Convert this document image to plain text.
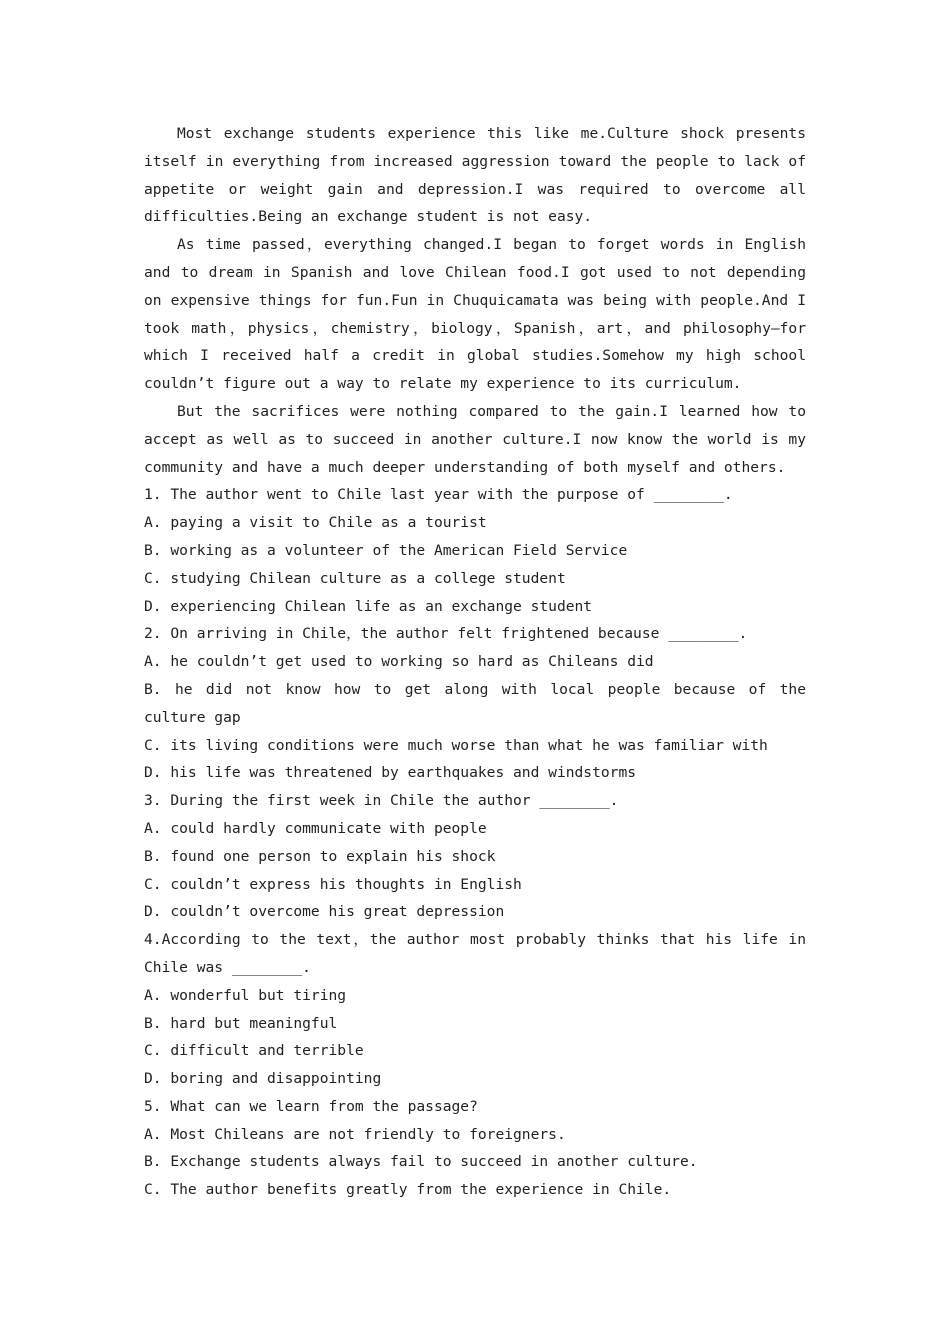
Most exchange students experience this like me.Culture shock presents itself in everything from increased aggression toward the people to lack of appetite or weight gain and depression.I was required to overcome all difficulties.Being an exchange student is not easy.

As time passed，everything changed.I began to forget words in English and to dream in Spanish and love Chilean food.I got used to not depending on expensive things for fun.Fun in Chuquicamata was being with people.And I took math，physics，chemistry，biology，Spanish，art，and philosophy—for which I received half a credit in global studies.Somehow my high school couldn’t figure out a way to relate my experience to its curriculum.

But the sacrifices were nothing compared to the gain.I learned how to accept as well as to succeed in another culture.I now know the world is my community and have a much deeper understanding of both myself and others.

1. The author went to Chile last year with the purpose of ________.

A. paying a visit to Chile as a tourist

B. working as a volunteer of the American Field Service

C. studying Chilean culture as a college student

D. experiencing Chilean life as an exchange student

2. On arriving in Chile，the author felt frightened because ________.

A. he couldn’t get used to working so hard as Chileans did

B. he did not know how to get along with local people because of the culture gap

C. its living conditions were much worse than what he was familiar with

D. his life was threatened by earthquakes and windstorms

3. During the first week in Chile the author ________.

A. could hardly communicate with people

B. found one person to explain his shock

C. couldn’t express his thoughts in English

D. couldn’t overcome his great depression

4.According to the text，the author most probably thinks that his life in Chile was ________.

A. wonderful but tiring

B. hard but meaningful

C. difficult and terrible

D. boring and disappointing

5. What can we learn from the passage?

A. Most Chileans are not friendly to foreigners.

B. Exchange students always fail to succeed in another culture.

C. The author benefits greatly from the experience in Chile.
